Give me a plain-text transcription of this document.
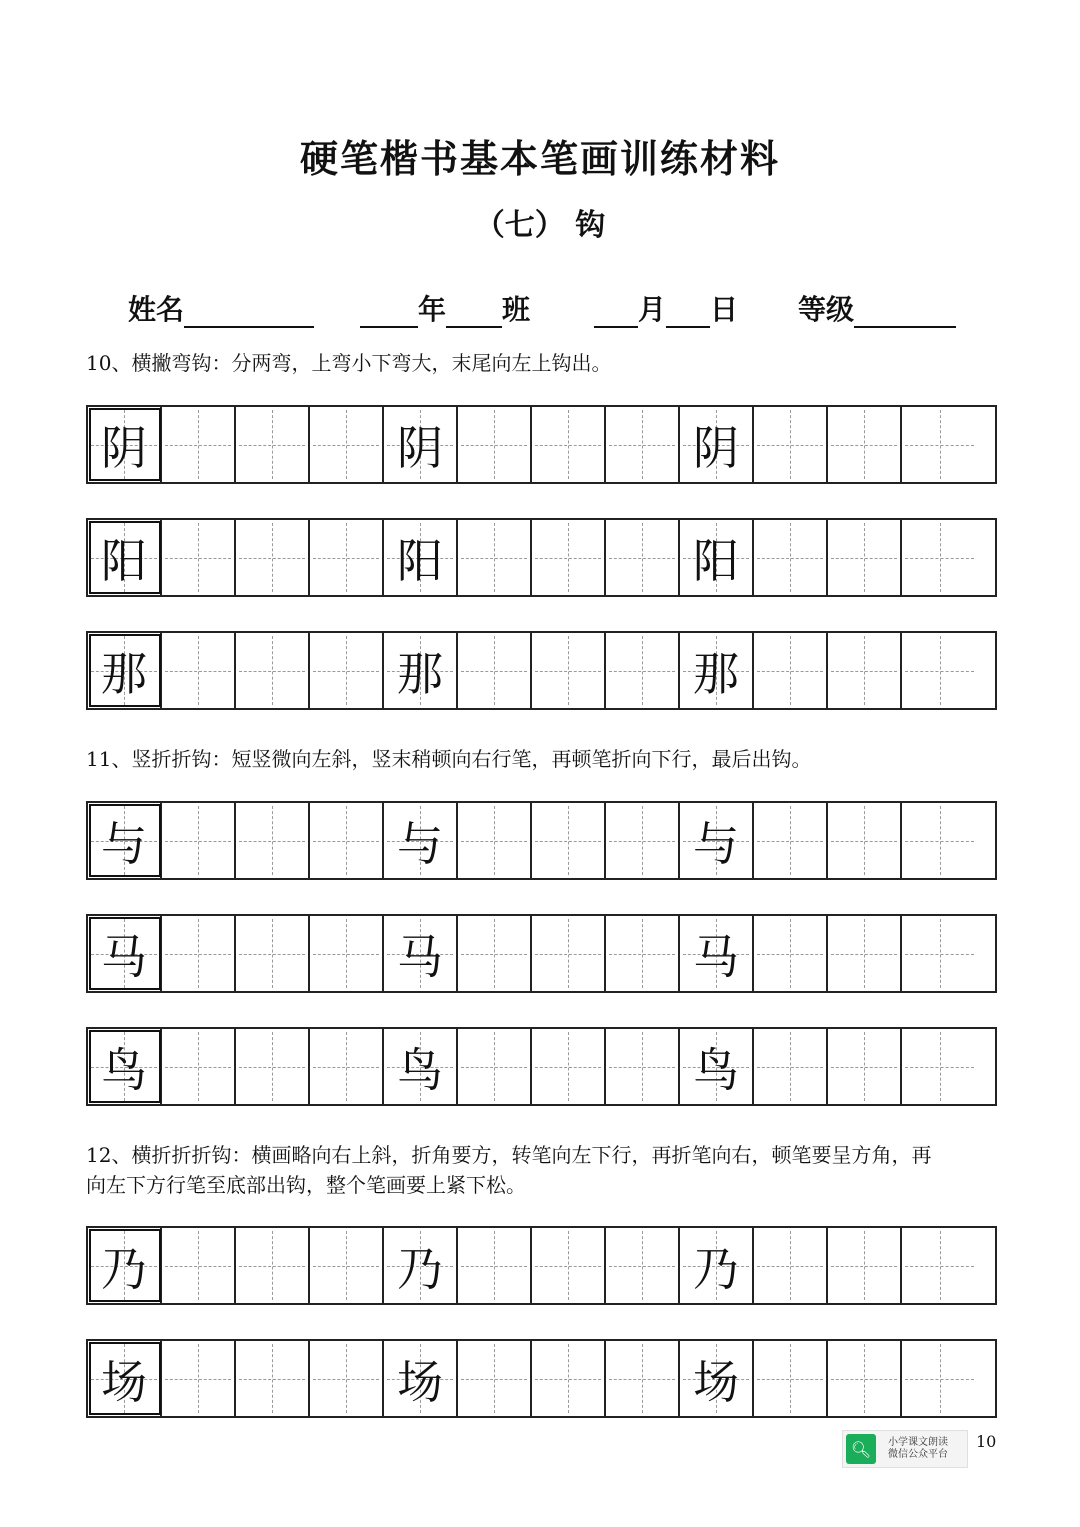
硬笔楷书基本笔画训练材料
（七） 钩
姓名	年 班	月 日 等级
10、横撇弯钩：分两弯，上弯小下弯大，末尾向左上钩出。
11、竖折折钩：短竖微向左斜，竖末稍顿向右行笔，再顿笔折向下行，最后出钩。
12、横折折折钩：横画略向右上斜，折角要方，转笔向左下行，再折笔向右，顿笔要呈方角，再
向左下方行笔至底部出钩，整个笔画要上紧下松。
阴	阴	阴
阳	阳	阳
那	那	那
与	与	与
马	马	马
鸟	鸟	鸟
乃	乃	乃
场	场	场
🔍︎	小学课文朗读
微信公众平台
10
